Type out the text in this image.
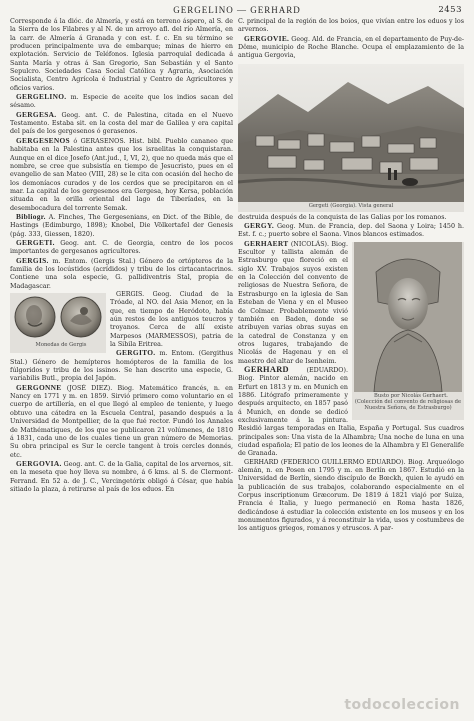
GERGELINO — GERHARD	2453

Corresponde á la dióc. de Almería, y está en terreno áspero, al S. de la Sierra de los Filabres y al N. de un arroyo afl. del río Almería, en la carr. de Almería á Granada y con est. f. c. En su término se producen principalmente uva de embarque; minas de hierro en explotación. Servicio de Teléfonos. Iglesia parroquial dedicada á Santa María y otras á San Gregorio, San Sebastián y el Santo Sepulcro. Sociedades Casa Social Católica y Agraria, Asociación Socialista, Centro Agrícola é Industrial y Centro de Agricultores y oficios varios.

GERGELINO. m. Especie de aceite que los indios sacan del sésamo.

GERGESA. Geog. ant. C. de Palestina, citada en el Nuevo Testamento. Estaba sit. en la costa del mar de Galilea y era capital del país de los gergesenos ó gerasenos.

GERGESENOS ó GERASENOS. Hist. bibl. Pueblo cananeo que habitaba en la Palestina antes que los israelitas la conquistaran. Aunque en el dice Josefo (Ant.jud., I, VI, 2), que no queda más que el nombre, se cree que subsistía en tiempo de Jesucristo, pues en el evangelio de san Mateo (VIII, 28) se le cita con ocasión del hecho de los demoníacos curados y de los cerdos que se precipitaron en el mar. La capital de los gergesenos era Gergesa, hoy Kersa, población situada en la orilla oriental del lago de Tiberíades, en la desembocadura del torrente Semak.

Bibliogr. A. Finches, The Gergesenians, en Dict. of the Bible, de Hastings (Edimburgo, 1898); Knobel, Die Völkertafel der Genesis (pág. 333, Giessen, 1820).

GERGETI. Geog. ant. C. de Georgia, centro de los pocos importantes de gergesanos agricultores.

GERGIS. m. Entom. (Gergis Stal.) Género de ortópteros de la familia de los locústidos (acrídidos) y tribu de los cirtacantacrinos. Contiene una sola especie, G. pallidiventris Stal, propia de Madagascar.

Monedas de Gergis
GERGIS. Geog. Ciudad de la Tróade, al NO. del Asia Menor, en la que, en tiempo de Heródoto, había aún restos de los antiguos teucros y troyanos. Cerca de allí existe Marpesos (MARMESSOS), patria de la Sibila Eritrea.

GERGITO. m. Entom. (Gergithus Stal.) Género de hemípteros homópteros de la familia de los fúlgoridos y tribu de los issinos. Se han descrito una especie, G. variabilis Butl., propia del Japón.

GERGONNE (JOSÉ DIEZ). Biog. Matemático francés, n. en Nancy en 1771 y m. en 1859. Sirvió primero como voluntario en el cuerpo de artillería, en el que llegó al empleo de teniente, y luego obtuvo una cátedra en la Escuela Central, pasando después a la Universidad de Montpellier, de la que fué rector. Fundó los Annales de Mathématiques, de los que se publicaron 21 volúmenes, de 1810 á 1831, cada uno de los cuales tiene un gran número de Memorias. Su obra principal es Sur le cercle tangent à trois cercles donnés, etc.

GERGOVIA. Geog. ant. C. de la Galia, capital de los arvernos, sit. en la meseta que hoy lleva su nombre, á 6 kms. al S. de Clermont-Ferrand. En 52 a. de J. C., Vercingetórix obligó á César, que había sitiado la plaza, á retirarse al país de los eduos. En

C. principal de la región de los boios, que vivían entre los eduos y los arvernos.

GERGOVIE. Geog. Ald. de Francia, en el departamento de Puy-de-Dôme, municipio de Roche Blanche. Ocupa el emplazamiento de la antigua Gergovia,

Gergeti (Georgia). Vista general

destruida después de la conquista de las Galias por los romanos.

GERGY. Geog. Mun. de Francia, dep. del Saona y Loira; 1450 h. Est. f. c.; puerto sobre el Saona. Vinos blancos estimados.

Busto por Nicolás Gerhaert. (Colección del convento de religiosas de Nuestra Señora, de Estrasburgo)
GERHAERT (NICOLÁS). Biog. Escultor y tallista alemán de Estrasburgo que floreció en el siglo XV. Trabajos suyos existen en la Colección del convento de religiosas de Nuestra Señora, de Estrasburgo en la iglesia de San Esteban de Viena y en el Museo de Colmar. Probablemente vivió también en Baden, donde se atribuyen varias obras suyas en la catedral de Constanza y en otros lugares, trabajando de Nicolás de Hagenau y en el maestro del altar de Isenheim.

GERHARD	(EDUARDO). Biog. Pintor alemán, nacido en Erfurt en 1813 y m. en Munich en 1886. Litógrafo primeramente y después arquitecto, en 1857 pasó á Munich, en donde se dedicó exclusivamente á la pintura. Residió largas temporadas en Italia, España y Portugal. Sus cuadros principales son: Una vista de la Alhambra; Una noche de luna en una ciudad española; El patio de los leones de la Alhambra y El Generalife de Granada.

GERHARD (FEDERICO GUILLERMO EDUARDO). Biog. Arqueólogo alemán, n. en Posen en 1795 y m. en Berlín en 1867. Estudió en la Universidad de Berlín, siendo discípulo de Bœckh, quien le ayudó en la publicación de sus trabajos, colaborando especialmente en el Corpus inscriptionum Græcorum. De 1819 á 1821 viajó por Suiza, Francia é Italia, y luego permaneció en Roma hasta 1826, dedicándose á estudiar la colección existente en los museos y en los monumentos figurados, y á reconstituir la vida, usos y costumbres de los antiguos griegos, romanos y etruscos. A par-

todocoleccion
